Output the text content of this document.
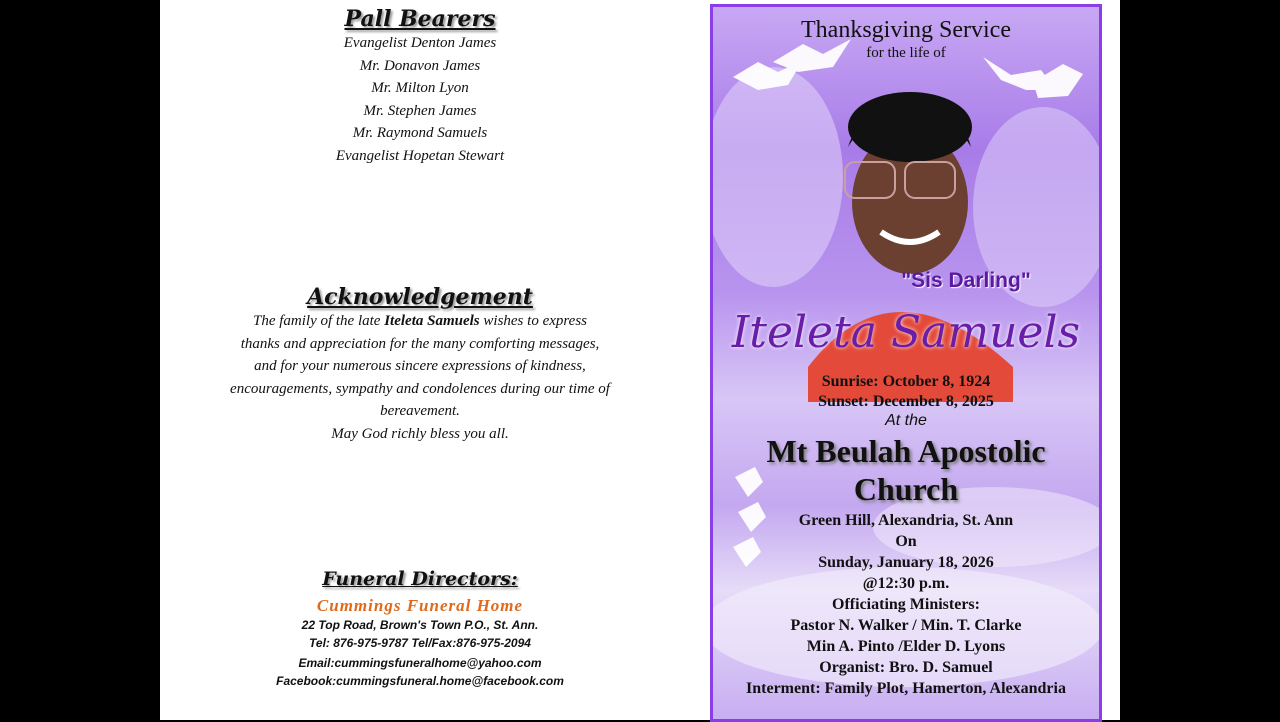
Pall Bearers
Evangelist Denton James
Mr. Donavon James
Mr. Milton Lyon
Mr. Stephen James
Mr. Raymond Samuels
Evangelist Hopetan Stewart
Acknowledgement
The family of the late Iteleta Samuels wishes to express
thanks and appreciation for the many comforting messages,
and for your numerous sincere expressions of kindness,
encouragements, sympathy and condolences during our time of
bereavement.
May God richly bless you all.
Funeral Directors:
Cummings Funeral Home
22 Top Road, Brown's Town P.O., St. Ann.
Tel: 876-975-9787 Tel/Fax:876-975-2094
Email:cummingsfuneralhome@yahoo.com
Facebook:cummingsfuneral.home@facebook.com
Thanksgiving Service
for the life of
"Sis Darling"
Iteleta Samuels
Sunrise: October 8, 1924
Sunset: December 8, 2025
At the
Mt Beulah Apostolic
Church
Green Hill, Alexandria, St. Ann
On
Sunday, January 18, 2026
@12:30 p.m.
Officiating Ministers:
Pastor N. Walker / Min. T. Clarke
Min A. Pinto /Elder D. Lyons
Organist: Bro. D. Samuel
Interment: Family Plot, Hamerton, Alexandria
